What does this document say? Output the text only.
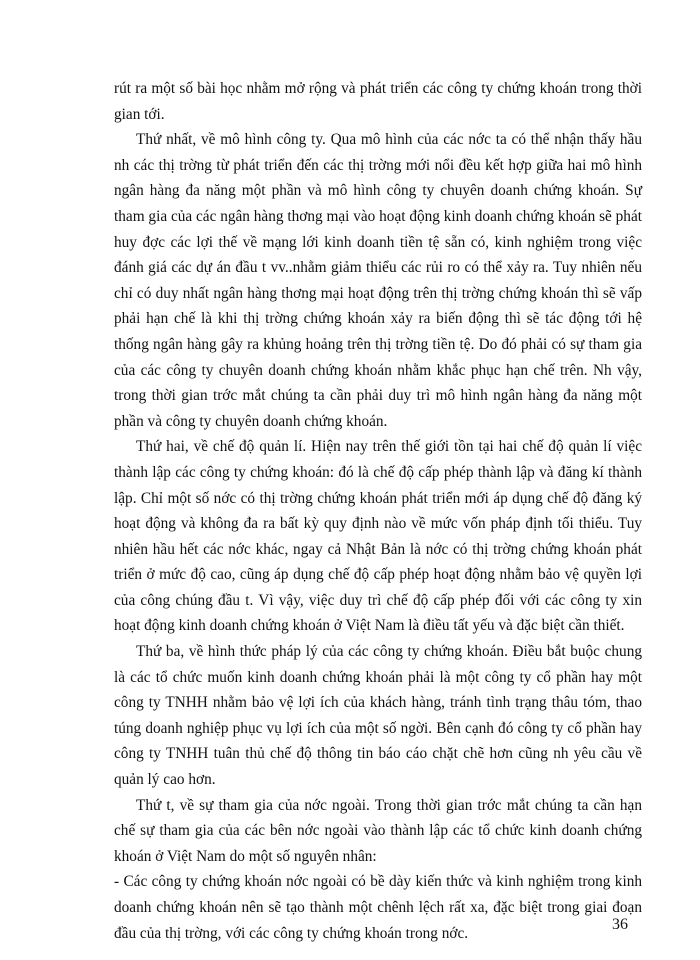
rút ra một số bài học nhằm mở rộng và phát triển các công ty chứng khoán trong thời gian tới.

Thứ nhất, về mô hình công ty. Qua mô hình của các nớc ta có thể nhận thấy hầu nh các thị trờng từ phát triển đến các thị trờng mới nổi đều kết hợp giữa hai mô hình ngân hàng đa năng một phần và mô hình công ty chuyên doanh chứng khoán. Sự tham gia của các ngân hàng thơng mại vào hoạt động kinh doanh chứng khoán sẽ phát huy đợc các lợi thế về mạng lới kinh doanh tiền tệ sẵn có, kinh nghiệm trong việc đánh giá các dự án đầu t vv..nhằm giảm thiểu các rủi ro có thể xảy ra. Tuy nhiên nếu chỉ có duy nhất ngân hàng thơng mại hoạt động trên thị trờng chứng khoán thì sẽ vấp phải hạn chế là khi thị trờng chứng khoán xảy ra biến động thì sẽ tác động tới hệ thống ngân hàng gây ra khủng hoảng trên thị trờng tiền tệ. Do đó phải có sự tham gia của các công ty chuyên doanh chứng khoán nhằm khắc phục hạn chế trên. Nh vậy, trong thời gian trớc mắt chúng ta cần phải duy trì mô hình ngân hàng đa năng một phần và công ty chuyên doanh chứng khoán.

Thứ hai, về chế độ quản lí. Hiện nay trên thế giới tồn tại hai chế độ quản lí việc thành lập các công ty chứng khoán: đó là chế độ cấp phép thành lập và đăng kí thành lập. Chỉ một số nớc có thị trờng chứng khoán phát triển mới áp dụng chế độ đăng ký hoạt động và không đa ra bất kỳ quy định nào về mức vốn pháp định tối thiểu. Tuy nhiên hầu hết các nớc khác, ngay cả Nhật Bản là nớc có thị trờng chứng khoán phát triển ở mức độ cao, cũng áp dụng chế độ cấp phép hoạt động nhằm bảo vệ quyền lợi của công chúng đầu t. Vì vậy, việc duy trì chế độ cấp phép đối với các công ty xin hoạt động kinh doanh chứng khoán ở Việt Nam là điều tất yếu và đặc biệt cần thiết.

Thứ ba, về hình thức pháp lý của các công ty chứng khoán. Điều bắt buộc chung là các tổ chức muốn kinh doanh chứng khoán phải là một công ty cổ phần hay một công ty TNHH nhằm bảo vệ lợi ích của khách hàng, tránh tình trạng thâu tóm, thao túng doanh nghiệp phục vụ lợi ích của một số ngời. Bên cạnh đó công ty cổ phần hay công ty TNHH tuân thủ chế độ thông tin báo cáo chặt chẽ hơn cũng nh yêu cầu về quản lý cao hơn.

Thứ t, về sự tham gia của nớc ngoài. Trong thời gian trớc mắt chúng ta cần hạn chế sự tham gia của các bên nớc ngoài vào thành lập các tổ chức kinh doanh chứng khoán ở Việt Nam do một số nguyên nhân:

- Các công ty chứng khoán nớc ngoài có bề dày kiến thức và kinh nghiệm trong kinh doanh chứng khoán nên sẽ tạo thành một chênh lệch rất xa, đặc biệt trong giai đoạn đầu của thị trờng, với các công ty chứng khoán trong nớc.

36
